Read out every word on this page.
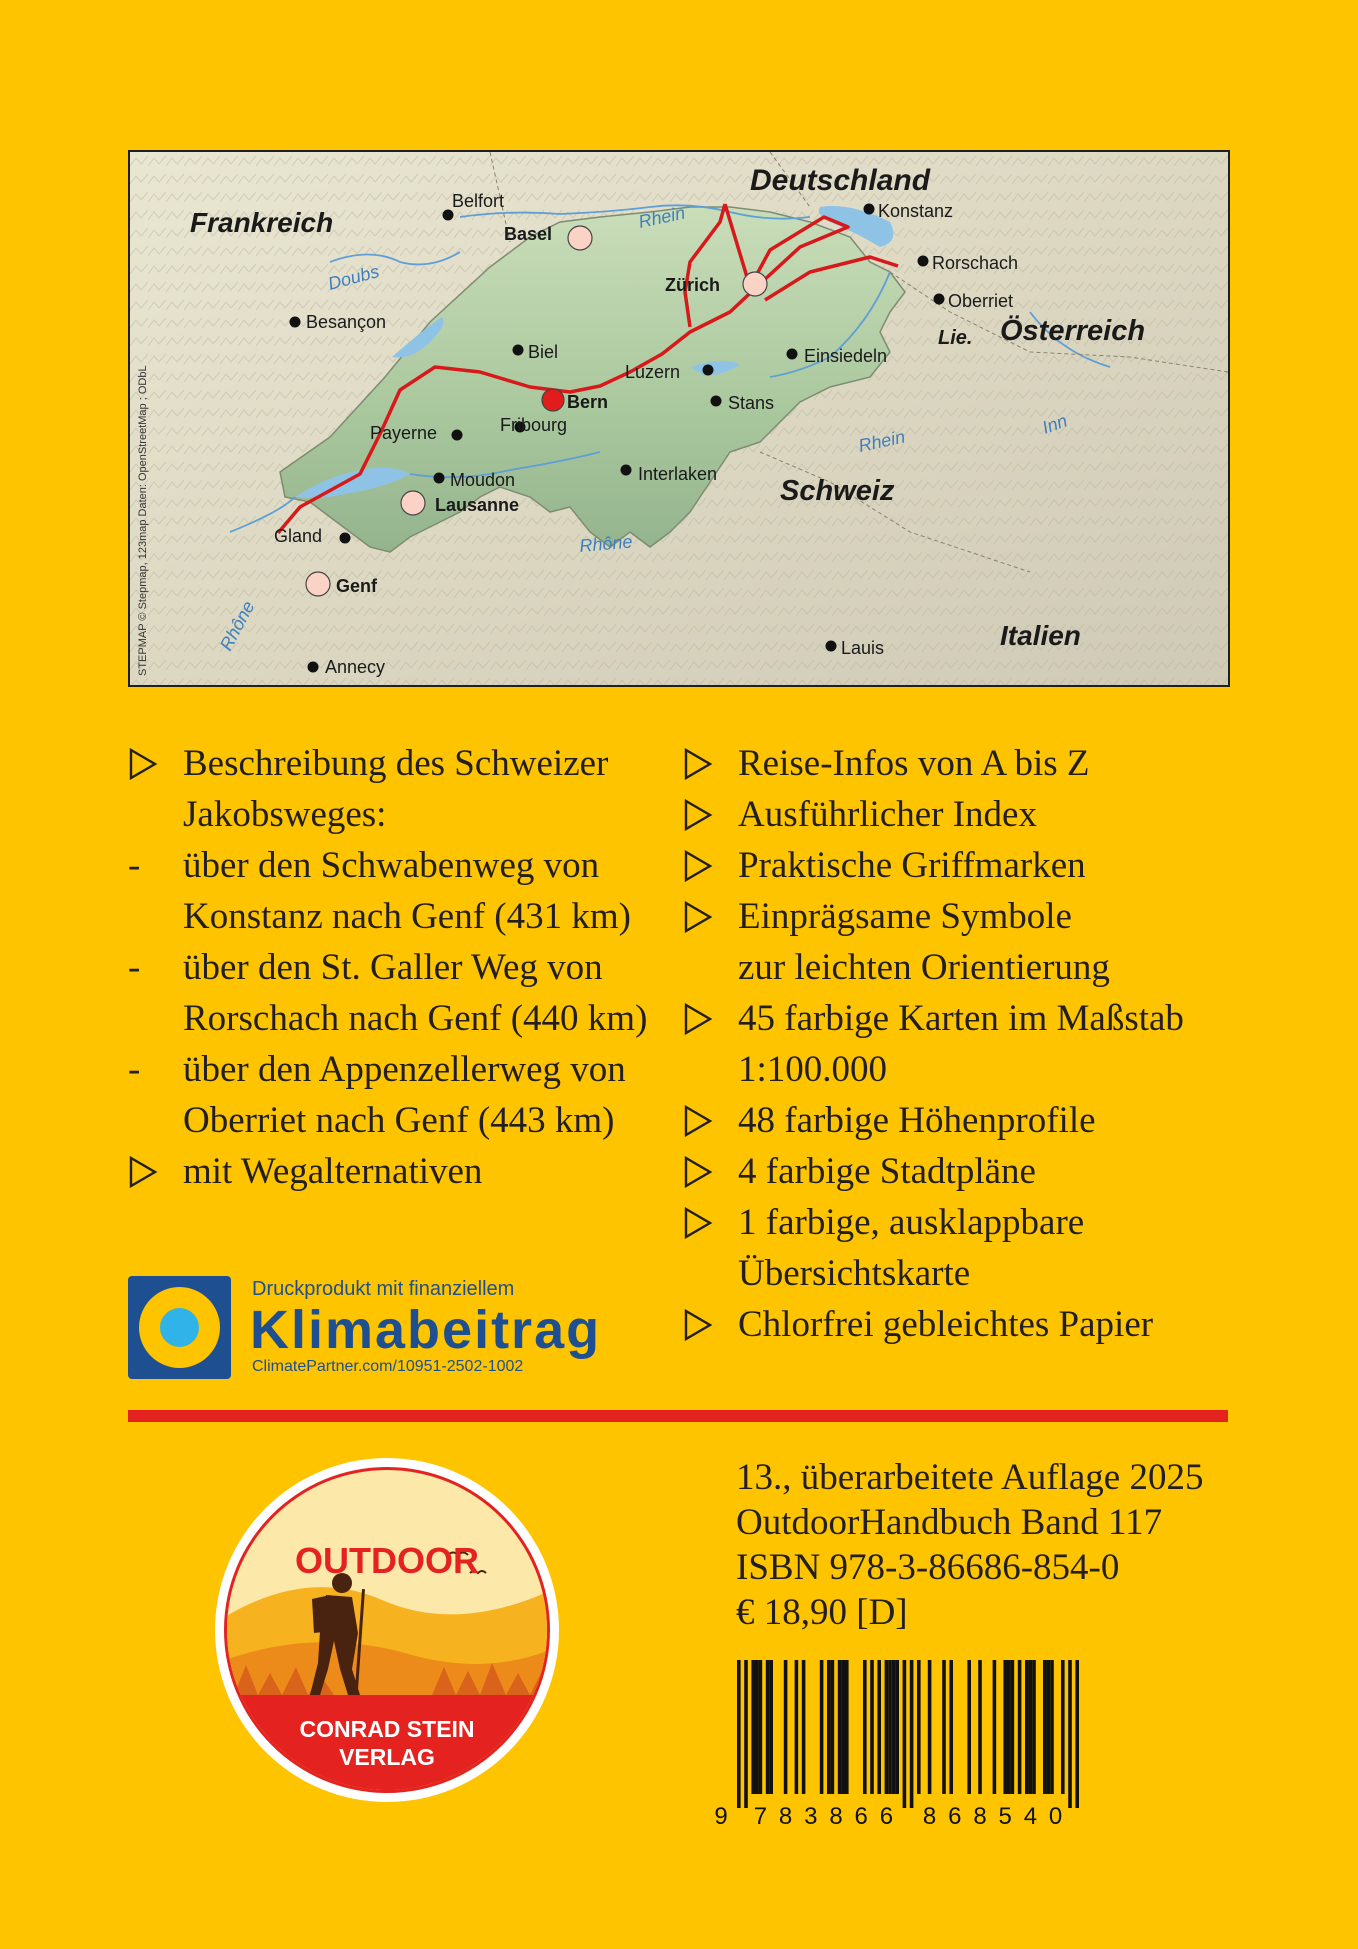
Deutschland
Frankreich
Schweiz
Österreich
Italien
Lie.
Rhein
Doubs
Rhône
Rhône
Rhein
Inn
Belfort
Basel
Konstanz
Rorschach
Oberriet
Zürich
Besançon
Biel
Bern
Luzern
Einsiedeln
Stans
Fribourg
Payerne
Moudon
Lausanne
Interlaken
Gland
Genf
Annecy
Lauis
STEPMAP © Stepmap, 123map Daten: OpenStreetMap ; ODbL
Beschreibung des Schweizer
Jakobsweges:
-	über den Schwabenweg von
Konstanz nach Genf (431 km)
-	über den St. Galler Weg von
Rorschach nach Genf (440 km)
-	über den Appenzellerweg von
Oberriet nach Genf (443 km)
mit Wegalternativen
Reise-Infos von A bis Z
Ausführlicher Index
Praktische Griffmarken
Einprägsame Symbole
zur leichten Orientierung
45 farbige Karten im Maßstab
1:100.000
48 farbige Höhenprofile
4 farbige Stadtpläne
1 farbige, ausklappbare
Übersichtskarte
Chlorfrei gebleichtes Papier
Druckprodukt mit finanziellem
Klimabeitrag
ClimatePartner.com/10951-2502-1002
OUTDOOR
CONRAD STEIN
VERLAG
13., überarbeitete Auflage 2025
OutdoorHandbuch Band 117
ISBN 978-3-86686-854-0
€ 18,90 [D]
9 7 8 3 8 6 6 8 6 8 5 4 0
